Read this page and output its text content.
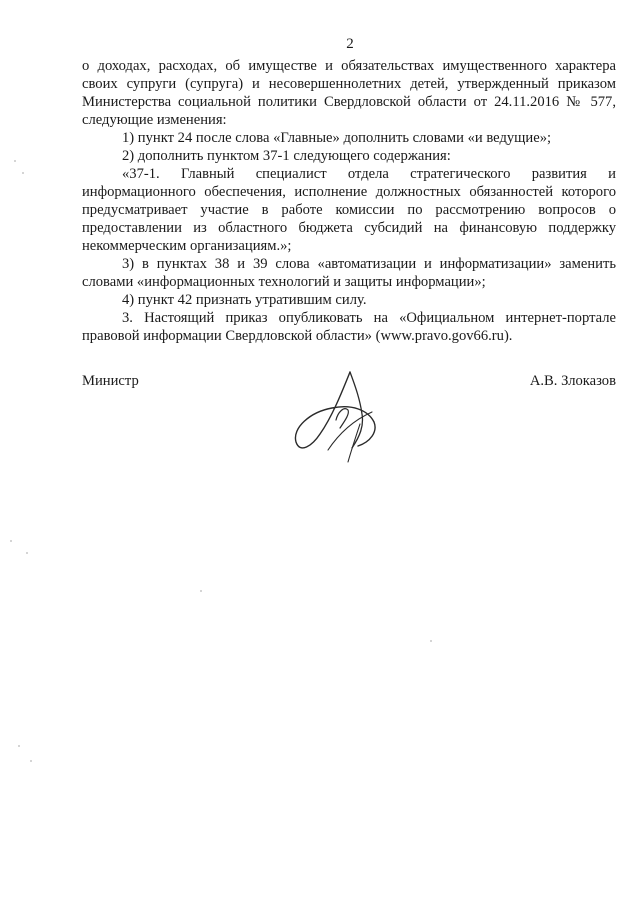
2

о доходах, расходах, об имуществе и обязательствах имущественного характера своих супруги (супруга) и несовершеннолетних детей, утвержденный приказом Министерства социальной политики Свердловской области от 24.11.2016 № 577, следующие изменения:

1) пункт 24 после слова «Главные» дополнить словами «и ведущие»;

2) дополнить пунктом 37-1 следующего содержания:

«37-1. Главный специалист отдела стратегического развития и информационного обеспечения, исполнение должностных обязанностей которого предусматривает участие в работе комиссии по рассмотрению вопросов о предоставлении из областного бюджета субсидий на финансовую поддержку некоммерческим организациям.»;

3) в пунктах 38 и 39 слова «автоматизации и информатизации» заменить словами «информационных технологий и защиты информации»;

4) пункт 42 признать утратившим силу.

3. Настоящий приказ опубликовать на «Официальном интернет-портале правовой информации Свердловской области» (www.pravo.gov66.ru).

Министр	А.В. Злоказов
